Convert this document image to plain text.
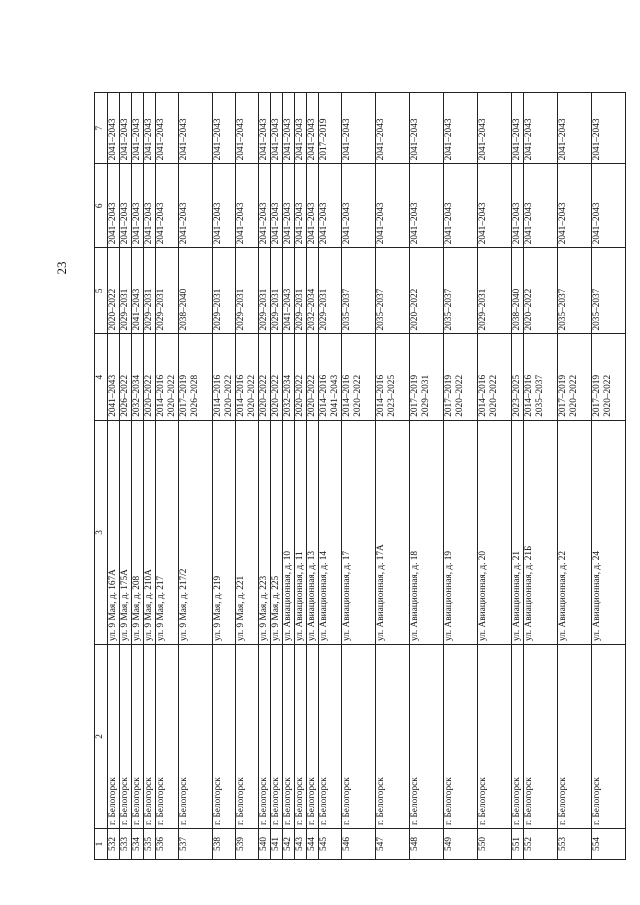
23
1	2	3	4	5	6	7
532	г. Белогорск	ул. 9 Мая, д. 167А	2041–2043	2020–2022	2041–2043	2041–2043
533	г. Белогорск	ул. 9 Мая, д. 175А	2026–2022	2029–2031	2041–2043	2041–2043
534	г. Белогорск	ул. 9 Мая, д. 208	2032–2034	2041–2043	2041–2043	2041–2043
535	г. Белогорск	ул. 9 Мая, д. 210А	2020–2022	2029–2031	2041–2043	2041–2043
536	г. Белогорск	ул. 9 Мая, д. 217	2014–2016 2020–2022	2029–2031	2041–2043	2041–2043
537	г. Белогорск	ул. 9 Мая, д. 217/2	2017–2019 2026–2028	2038–2040	2041–2043	2041–2043
538	г. Белогорск	ул. 9 Мая, д. 219	2014–2016 2020–2022	2029–2031	2041–2043	2041–2043
539	г. Белогорск	ул. 9 Мая, д. 221	2014–2016 2020–2022	2029–2031	2041–2043	2041–2043
540	г. Белогорск	ул. 9 Мая, д. 223	2020–2022	2029–2031	2041–2043	2041–2043
541	г. Белогорск	ул. 9 Мая, д. 225	2020–2022	2029–2031	2041–2043	2041–2043
542	г. Белогорск	ул. Авиационная, д. 10	2032–2034	2041–2043	2041–2043	2041–2043
543	г. Белогорск	ул. Авиационная, д. 11	2020–2022	2029–2031	2041–2043	2041–2043
544	г. Белогорск	ул. Авиационная, д. 13	2020–2022	2032–2034	2041–2043	2041–2043
545	г. Белогорск	ул. Авиационная, д. 14	2014–2016 2041–2043	2029–2031	2041–2043	2017–2019
546	г. Белогорск	ул. Авиационная, д. 17	2014–2016 2020–2022	2035–2037	2041–2043	2041–2043
547	г. Белогорск	ул. Авиационная, д. 17А	2014–2016 2023–2025	2035–2037	2041–2043	2041–2043
548	г. Белогорск	ул. Авиационная, д. 18	2017–2019 2029–2031	2020–2022	2041–2043	2041–2043
549	г. Белогорск	ул. Авиационная, д. 19	2017–2019 2020–2022	2035–2037	2041–2043	2041–2043
550	г. Белогорск	ул. Авиационная, д. 20	2014–2016 2020–2022	2029–2031	2041–2043	2041–2043
551	г. Белогорск	ул. Авиационная, д. 21	2023–2025	2038–2040	2041–2043	2041–2043
552	г. Белогорск	ул. Авиационная, д. 21Б	2014–2016 2035–2037	2020–2022	2041–2043	2041–2043
553	г. Белогорск	ул. Авиационная, д. 22	2017–2019 2020–2022	2035–2037	2041–2043	2041–2043
554	г. Белогорск	ул. Авиационная, д. 24	2017–2019 2020–2022	2035–2037	2041–2043	2041–2043
